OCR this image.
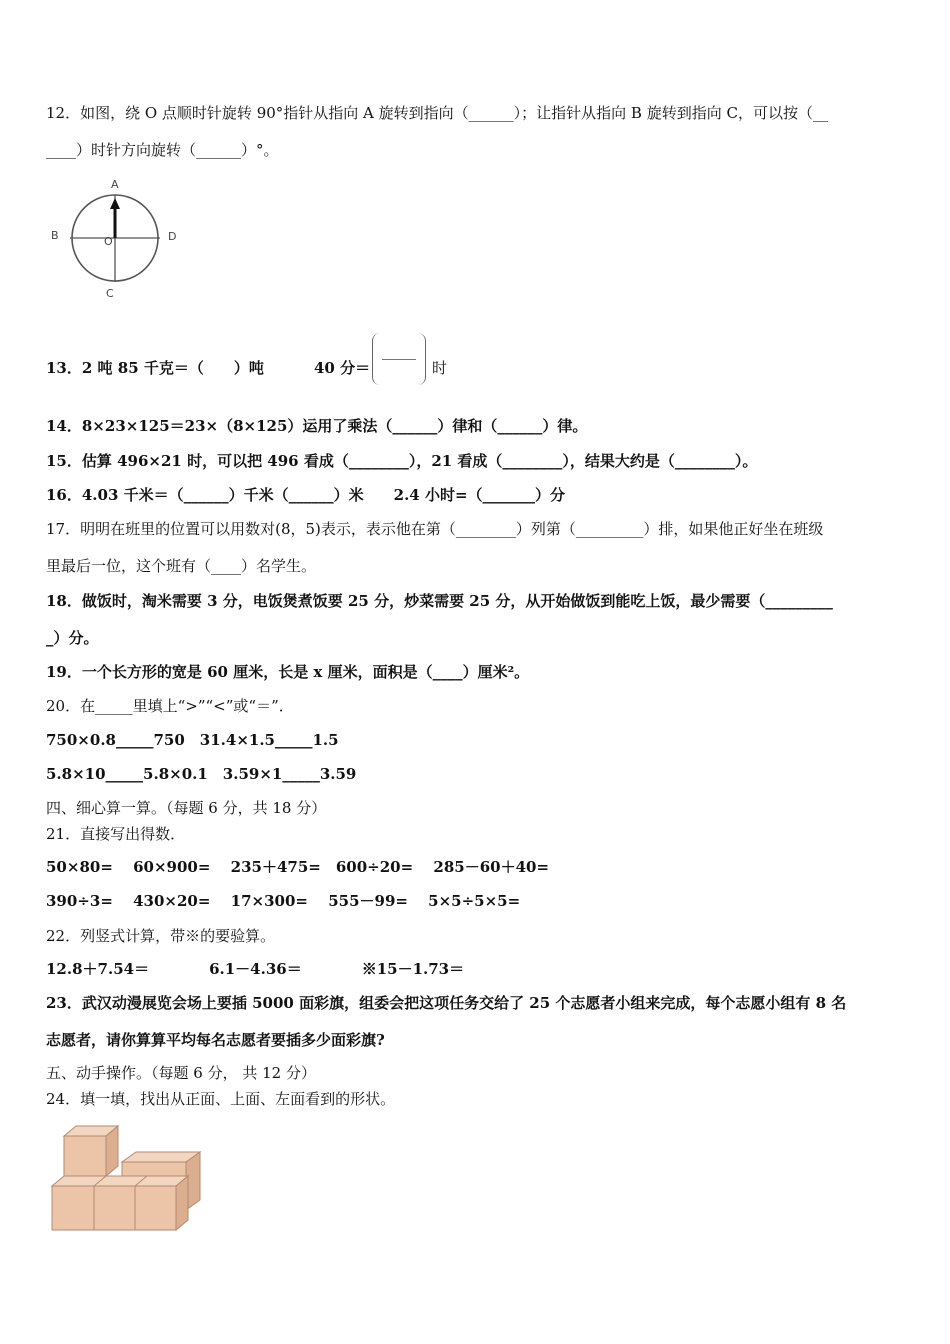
12．如图，绕 O 点顺时针旋转 90°指针从指向 A 旋转到指向（______）；让指针从指向 B 旋转到指向 C，可以按（__
____）时针方向旋转（______）°。
A
B	D
C
O
13．2 吨 85 千克＝（　　）吨	40 分＝	时
14．8×23×125＝23×（8×125）运用了乘法（______）律和（______）律。
15．估算 496×21 时，可以把 496 看成（________），21 看成（________），结果大约是（________）。
16．4.03 千米＝（______）千米（______）米　　2.4 小时=（_______）分
17．明明在班里的位置可以用数对(8，5)表示，表示他在第（________）列第（_________）排，如果他正好坐在班级
里最后一位，这个班有（____）名学生。
18．做饭时，淘米需要 3 分，电饭煲煮饭要 25 分，炒菜需要 25 分，从开始做饭到能吃上饭，最少需要（_________
_）分。
19．一个长方形的宽是 60 厘米，长是 x 厘米，面积是（____）厘米²。
20．在_____里填上“>”“<”或“＝”．
750×0.8_____750　31.4×1.5_____1.5
5.8×10_____5.8×0.1　3.59×1_____3.59
四、细心算一算。（每题 6 分，共 18 分）
21．直接写出得数．
50×80=　 60×900=　 235＋475=　600÷20=　 285－60＋40=
390÷3=　 430×20=　 17×300=　 555－99=　 5×5÷5×5=
22．列竖式计算，带※的要验算。
12.8＋7.54＝　　　　6.1－4.36＝　　　　※15－1.73＝
23．武汉动漫展览会场上要插 5000 面彩旗，组委会把这项任务交给了 25 个志愿者小组来完成，每个志愿小组有 8 名
志愿者，请你算算平均每名志愿者要插多少面彩旗?
五、动手操作。（每题 6 分， 共 12 分）
24．填一填，找出从正面、上面、左面看到的形状。
